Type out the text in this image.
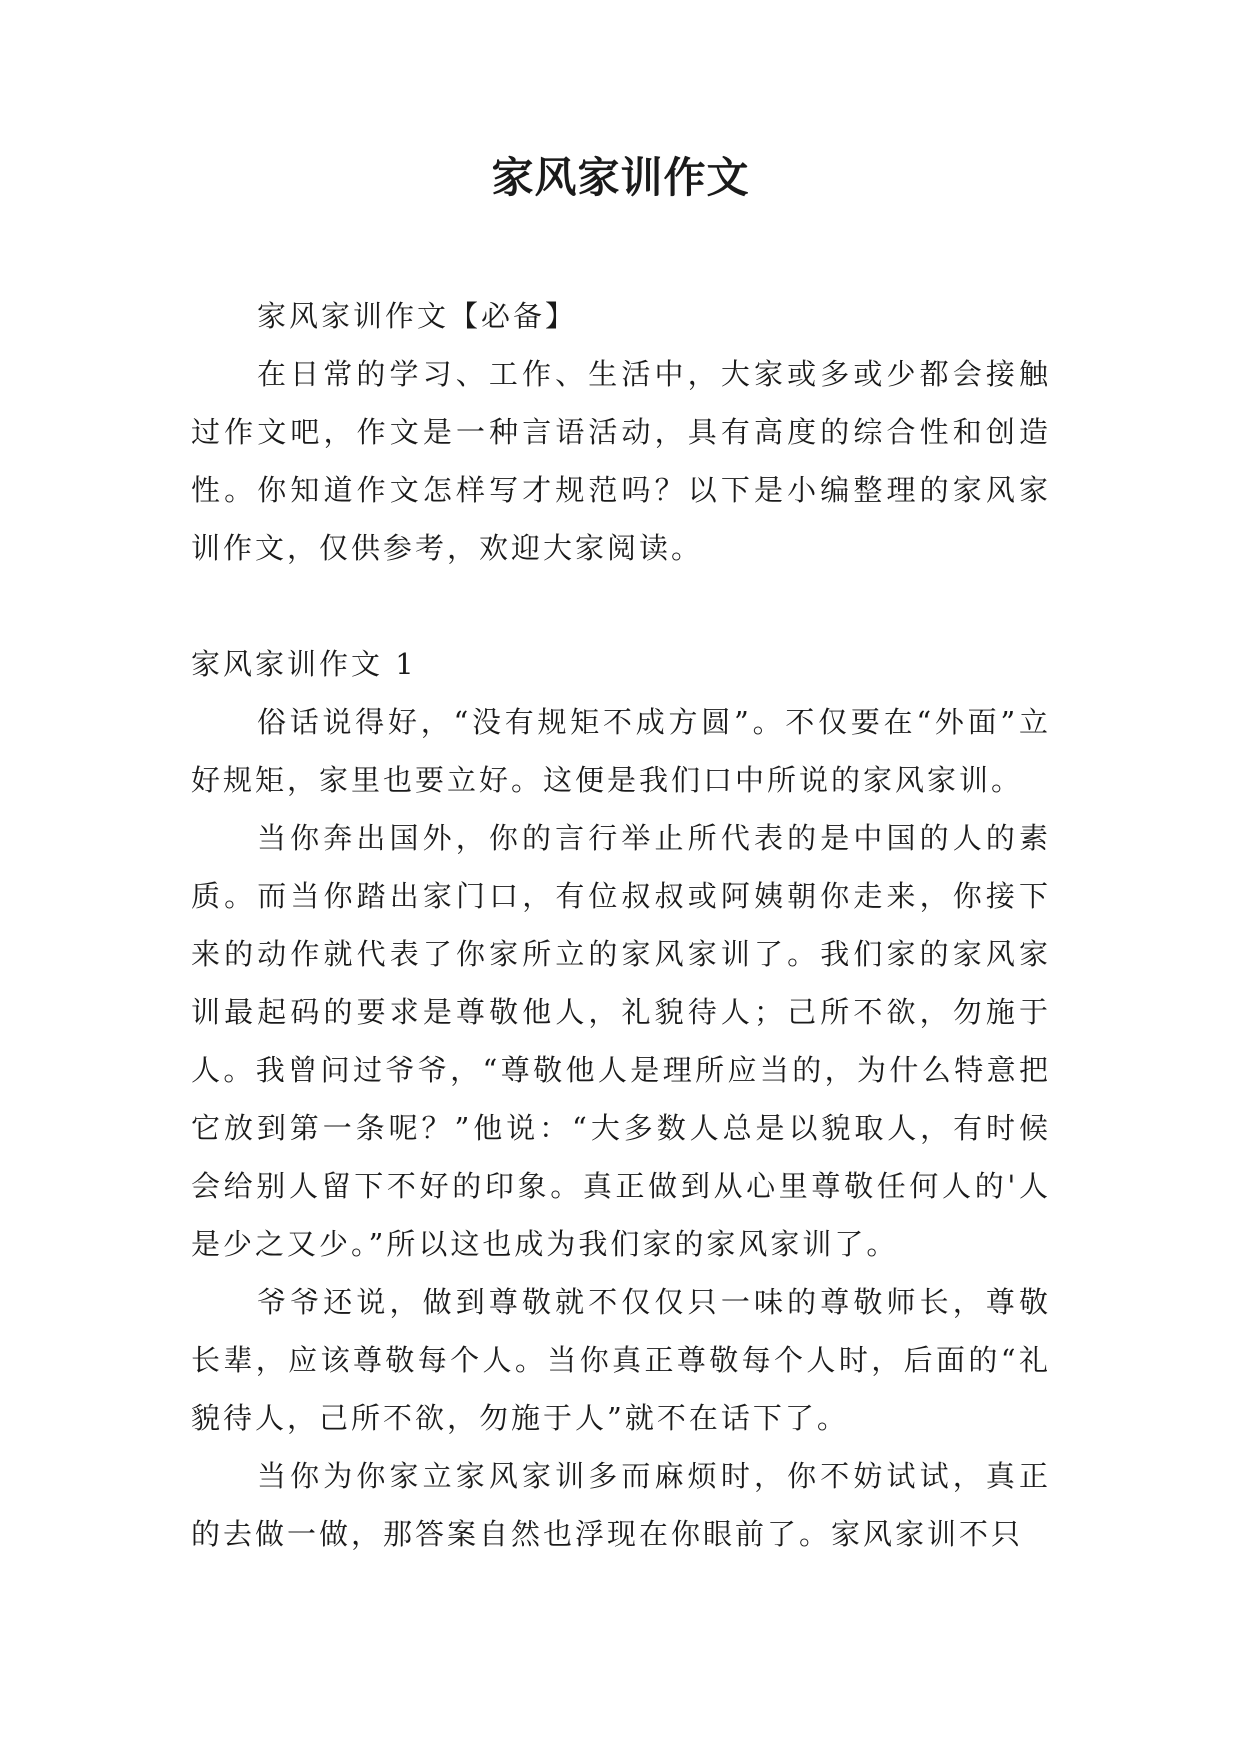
家风家训作文

家风家训作文【必备】

在日常的学习、工作、生活中，大家或多或少都会接触过作文吧，作文是一种言语活动，具有高度的综合性和创造性。你知道作文怎样写才规范吗？以下是小编整理的家风家训作文，仅供参考，欢迎大家阅读。

家风家训作文 1

俗话说得好，“没有规矩不成方圆”。不仅要在“外面”立好规矩，家里也要立好。这便是我们口中所说的家风家训。

当你奔出国外，你的言行举止所代表的是中国的人的素质。而当你踏出家门口，有位叔叔或阿姨朝你走来，你接下来的动作就代表了你家所立的家风家训了。我们家的家风家训最起码的要求是尊敬他人，礼貌待人；己所不欲，勿施于人。我曾问过爷爷，“尊敬他人是理所应当的，为什么特意把它放到第一条呢？”他说：“大多数人总是以貌取人，有时候会给别人留下不好的印象。真正做到从心里尊敬任何人的'人是少之又少。”所以这也成为我们家的家风家训了。

爷爷还说，做到尊敬就不仅仅只一味的尊敬师长，尊敬长辈，应该尊敬每个人。当你真正尊敬每个人时，后面的“礼貌待人，己所不欲，勿施于人”就不在话下了。

当你为你家立家风家训多而麻烦时，你不妨试试，真正的去做一做，那答案自然也浮现在你眼前了。家风家训不只
